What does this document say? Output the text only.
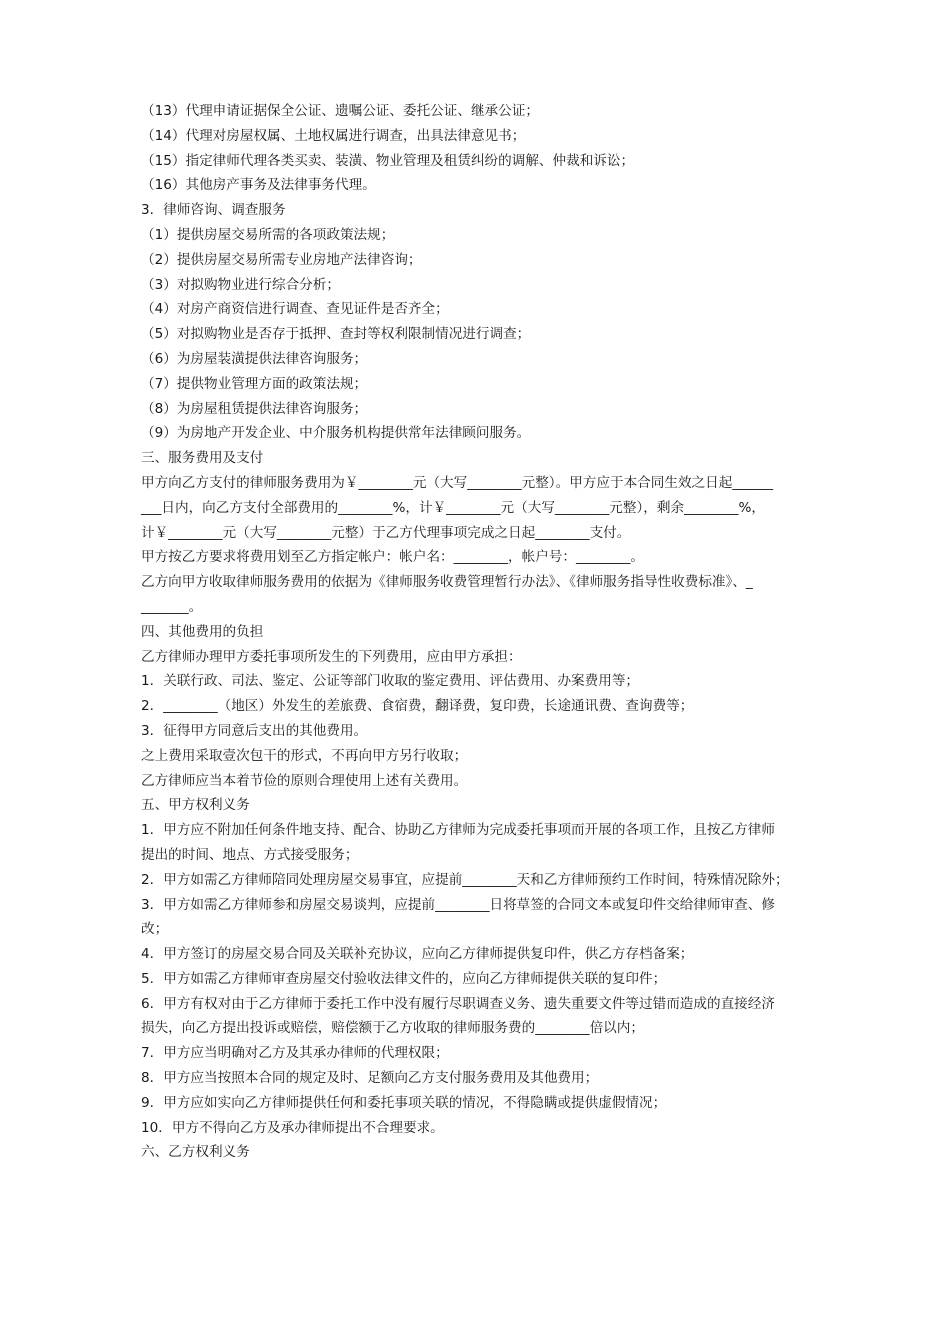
（13）代理申请证据保全公证、遗嘱公证、委托公证、继承公证；
（14）代理对房屋权属、土地权属进行调查，出具法律意见书；
（15）指定律师代理各类买卖、装潢、物业管理及租赁纠纷的调解、仲裁和诉讼；
（16）其他房产事务及法律事务代理。
3．律师咨询、调查服务
（1）提供房屋交易所需的各项政策法规；
（2）提供房屋交易所需专业房地产法律咨询；
（3）对拟购物业进行综合分析；
（4）对房产商资信进行调查、查见证件是否齐全；
（5）对拟购物业是否存于抵押、查封等权利限制情况进行调查；
（6）为房屋装潢提供法律咨询服务；
（7）提供物业管理方面的政策法规；
（8）为房屋租赁提供法律咨询服务；
（9）为房地产开发企业、中介服务机构提供常年法律顾问服务。
三、服务费用及支付
甲方向乙方支付的律师服务费用为￥________元（大写________元整）。甲方应于本合同生效之日起______
___日内，向乙方支付全部费用的________%，计￥________元（大写________元整），剩余________%，
计￥________元（大写________元整）于乙方代理事项完成之日起________支付。
甲方按乙方要求将费用划至乙方指定帐户：帐户名：________，帐户号：________。
乙方向甲方收取律师服务费用的依据为《律师服务收费管理暂行办法》、《律师服务指导性收费标准》、_
_______。
四、其他费用的负担
乙方律师办理甲方委托事项所发生的下列费用，应由甲方承担：
1．关联行政、司法、鉴定、公证等部门收取的鉴定费用、评估费用、办案费用等；
2．________（地区）外发生的差旅费、食宿费，翻译费，复印费，长途通讯费、查询费等；
3．征得甲方同意后支出的其他费用。
之上费用采取壹次包干的形式，不再向甲方另行收取；
乙方律师应当本着节俭的原则合理使用上述有关费用。
五、甲方权利义务
1．甲方应不附加任何条件地支持、配合、协助乙方律师为完成委托事项而开展的各项工作，且按乙方律师
提出的时间、地点、方式接受服务；
2．甲方如需乙方律师陪同处理房屋交易事宜，应提前________天和乙方律师预约工作时间，特殊情况除外；
3．甲方如需乙方律师参和房屋交易谈判，应提前________日将草签的合同文本或复印件交给律师审查、修
改；
4．甲方签订的房屋交易合同及关联补充协议，应向乙方律师提供复印件，供乙方存档备案；
5．甲方如需乙方律师审查房屋交付验收法律文件的，应向乙方律师提供关联的复印件；
6．甲方有权对由于乙方律师于委托工作中没有履行尽职调查义务、遗失重要文件等过错而造成的直接经济
损失，向乙方提出投诉或赔偿，赔偿额于乙方收取的律师服务费的________倍以内；
7．甲方应当明确对乙方及其承办律师的代理权限；
8．甲方应当按照本合同的规定及时、足额向乙方支付服务费用及其他费用；
9．甲方应如实向乙方律师提供任何和委托事项关联的情况，不得隐瞒或提供虚假情况；
10．甲方不得向乙方及承办律师提出不合理要求。
六、乙方权利义务
